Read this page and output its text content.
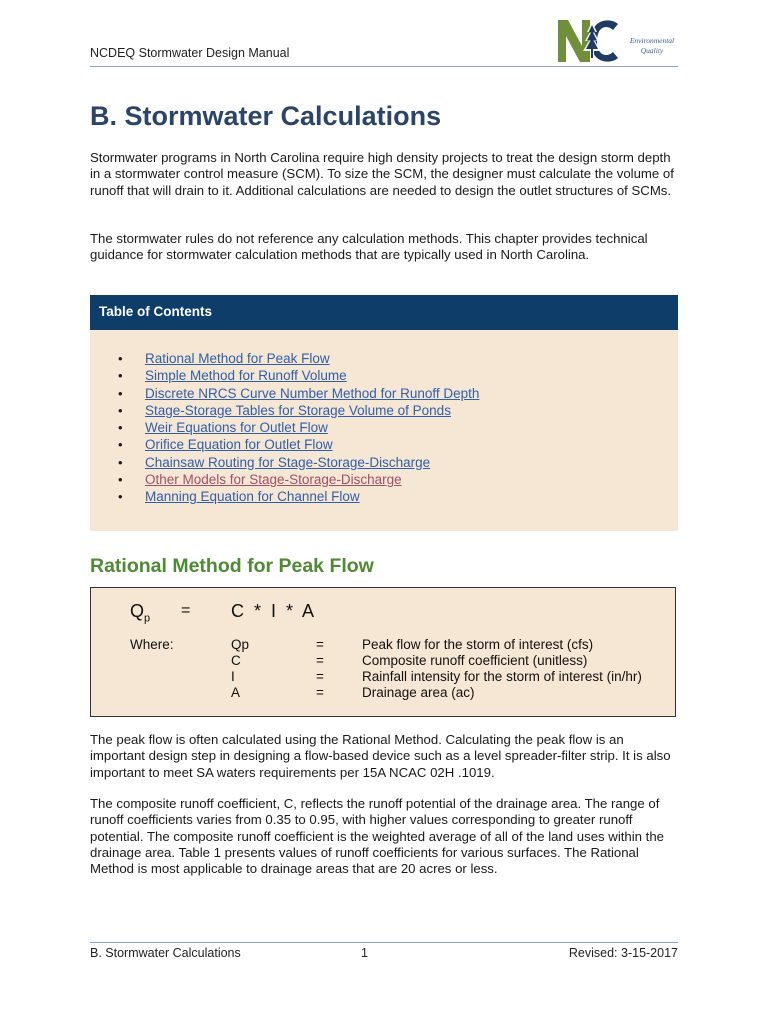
NCDEQ Stormwater Design Manual
Environmental
Quality
B. Stormwater Calculations

Stormwater programs in North Carolina require high density projects to treat the design storm depth in a stormwater control measure (SCM). To size the SCM, the designer must calculate the volume of runoff that will drain to it. Additional calculations are needed to design the outlet structures of SCMs.

The stormwater rules do not reference any calculation methods. This chapter provides technical guidance for stormwater calculation methods that are typically used in North Carolina.

Table of Contents
• Rational Method for Peak Flow
• Simple Method for Runoff Volume
• Discrete NRCS Curve Number Method for Runoff Depth
• Stage-Storage Tables for Storage Volume of Ponds
• Weir Equations for Outlet Flow
• Orifice Equation for Outlet Flow
• Chainsaw Routing for Stage-Storage-Discharge
• Other Models for Stage-Storage-Discharge
• Manning Equation for Channel Flow
Rational Method for Peak Flow
$Q_p = C * I * A$
Where:	Qp	=	Peak flow for the storm of interest (cfs)
C	=	Composite runoff coefficient (unitless)
I	=	Rainfall intensity for the storm of interest (in/hr)
A	=	Drainage area (ac)

The peak flow is often calculated using the Rational Method. Calculating the peak flow is an important design step in designing a flow-based device such as a level spreader-filter strip. It is also important to meet SA waters requirements per 15A NCAC 02H .1019.

The composite runoff coefficient, C, reflects the runoff potential of the drainage area. The range of runoff coefficients varies from 0.35 to 0.95, with higher values corresponding to greater runoff potential. The composite runoff coefficient is the weighted average of all of the land uses within the drainage area. Table 1 presents values of runoff coefficients for various surfaces. The Rational Method is most applicable to drainage areas that are 20 acres or less.

B. Stormwater Calculations	1	Revised: 3-15-2017
